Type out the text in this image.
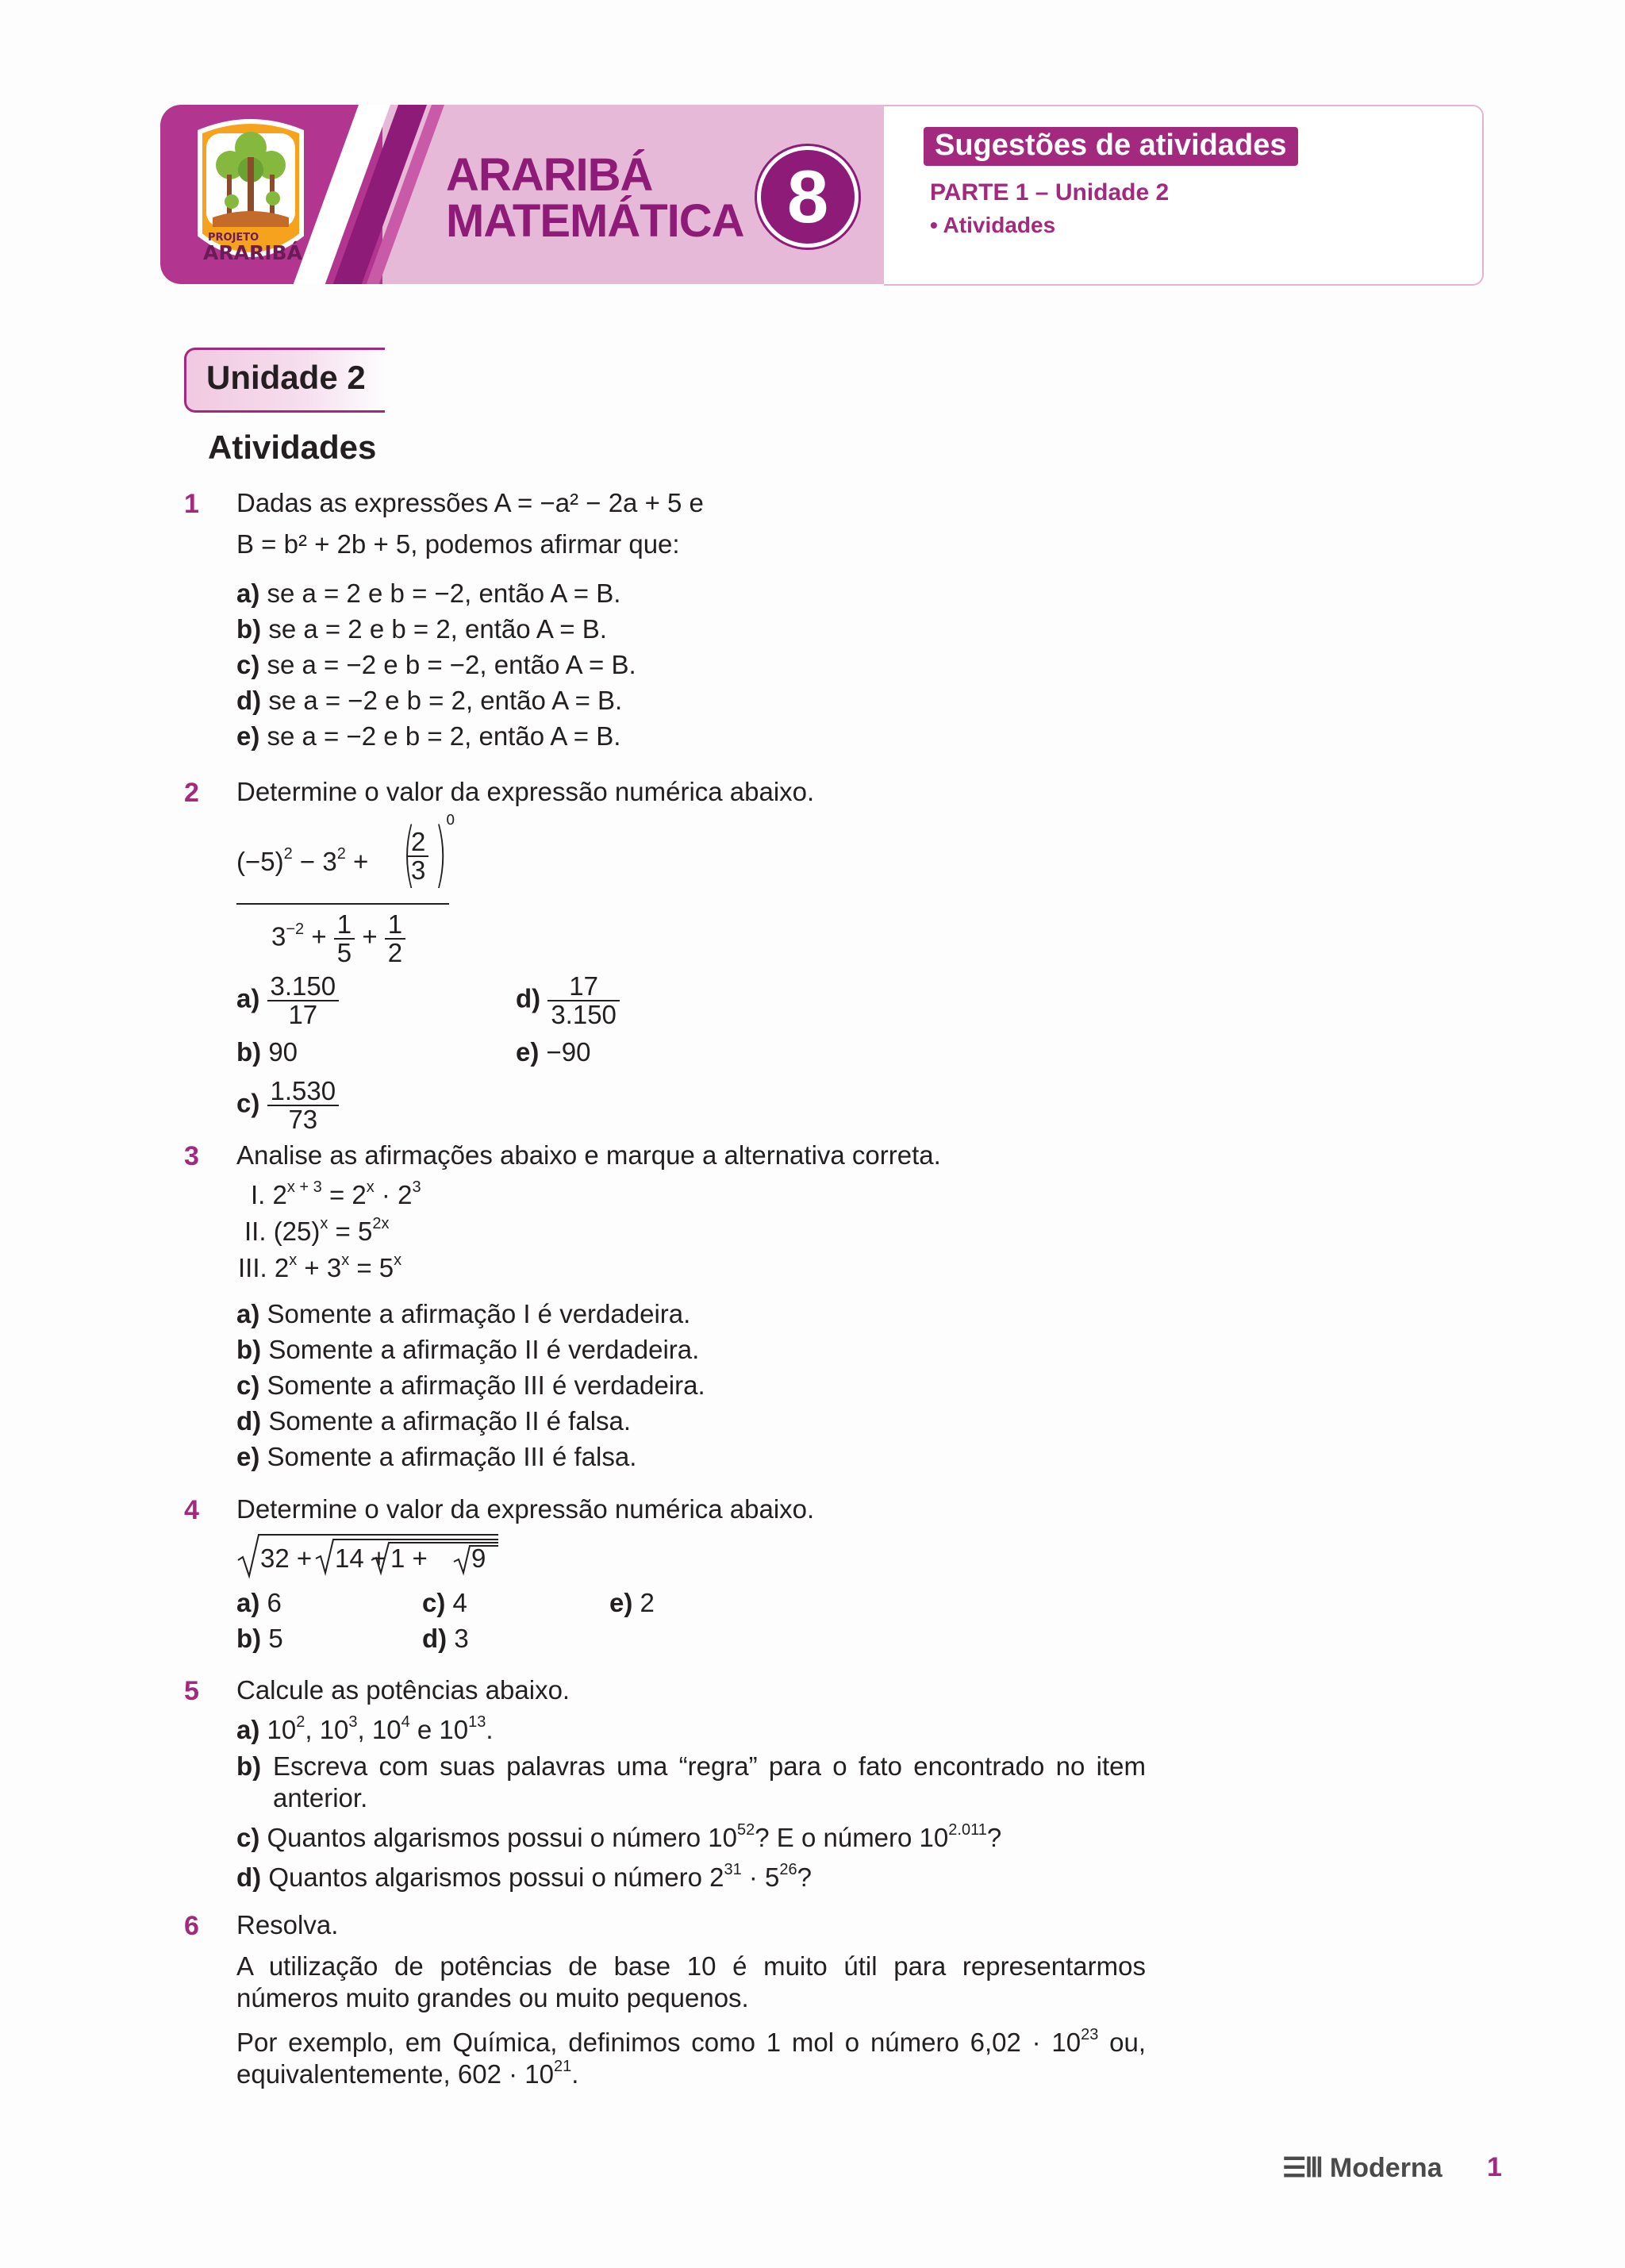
PROJETO
ARARIBÁ
ARARIBÁ
MATEMÁTICA 8
Sugestões de atividades
PARTE 1 – Unidade 2
• Atividades
Unidade 2
Atividades
1 Dadas as expressões A = −a² − 2a + 5 e
B = b² + 2b + 5, podemos afirmar que:
a) se a = 2 e b = −2, então A = B.
b) se a = 2 e b = 2, então A = B.
c) se a = −2 e b = −2, então A = B.
d) se a = −2 e b = 2, então A = B.
e) se a = −2 e b = 2, então A = B.
2 Determine o valor da expressão numérica abaixo.
$(-5)^2 - 3^2$ + (
$\frac{2}{3}$ )
0
$3^{-2} + \frac{1}{5} + \frac{1}{2}$
$a) \frac{3.150}{17}$
b) 90
$c) \frac{1.530}{73}$
$d) \frac{17}{3.150}$
e) −90
3 Analise as afirmações abaixo e marque a alternativa correta.
I. $2^{x + 3} = 2^x \cdot 2^3$
II. $(25)^x = 5^{2x}$
III. $2^x + 3^x = 5^x$
a) Somente a afirmação I é verdadeira.
b) Somente a afirmação II é verdadeira.
c) Somente a afirmação III é verdadeira.
d) Somente a afirmação II é falsa.
e) Somente a afirmação III é falsa.
4 Determine o valor da expressão numérica abaixo.
32 + 14 + 1 + 9
a) 6
b) 5
c) 4
d) 3
e) 2
5 Calcule as potências abaixo.
a) $10^2$, $10^3$, $10^4$ e $10^{13}$.
b) Escreva com suas palavras uma “regra” para o fato encontrado no item anterior.
c) Quantos algarismos possui o número $10^{52}$? E o número $10^{2.011}$?
d) Quantos algarismos possui o número $2^{31} \cdot 5^{26}$?
6 Resolva.
A utilização de potências de base 10 é muito útil para representarmos números muito grandes ou muito pequenos.
Por exemplo, em Química, definimos como 1 mol o número $6,02 \cdot 10^{23}$ ou, equivalentemente, $602 \cdot 10^{21}$.
☰Ⅲ Moderna 1
